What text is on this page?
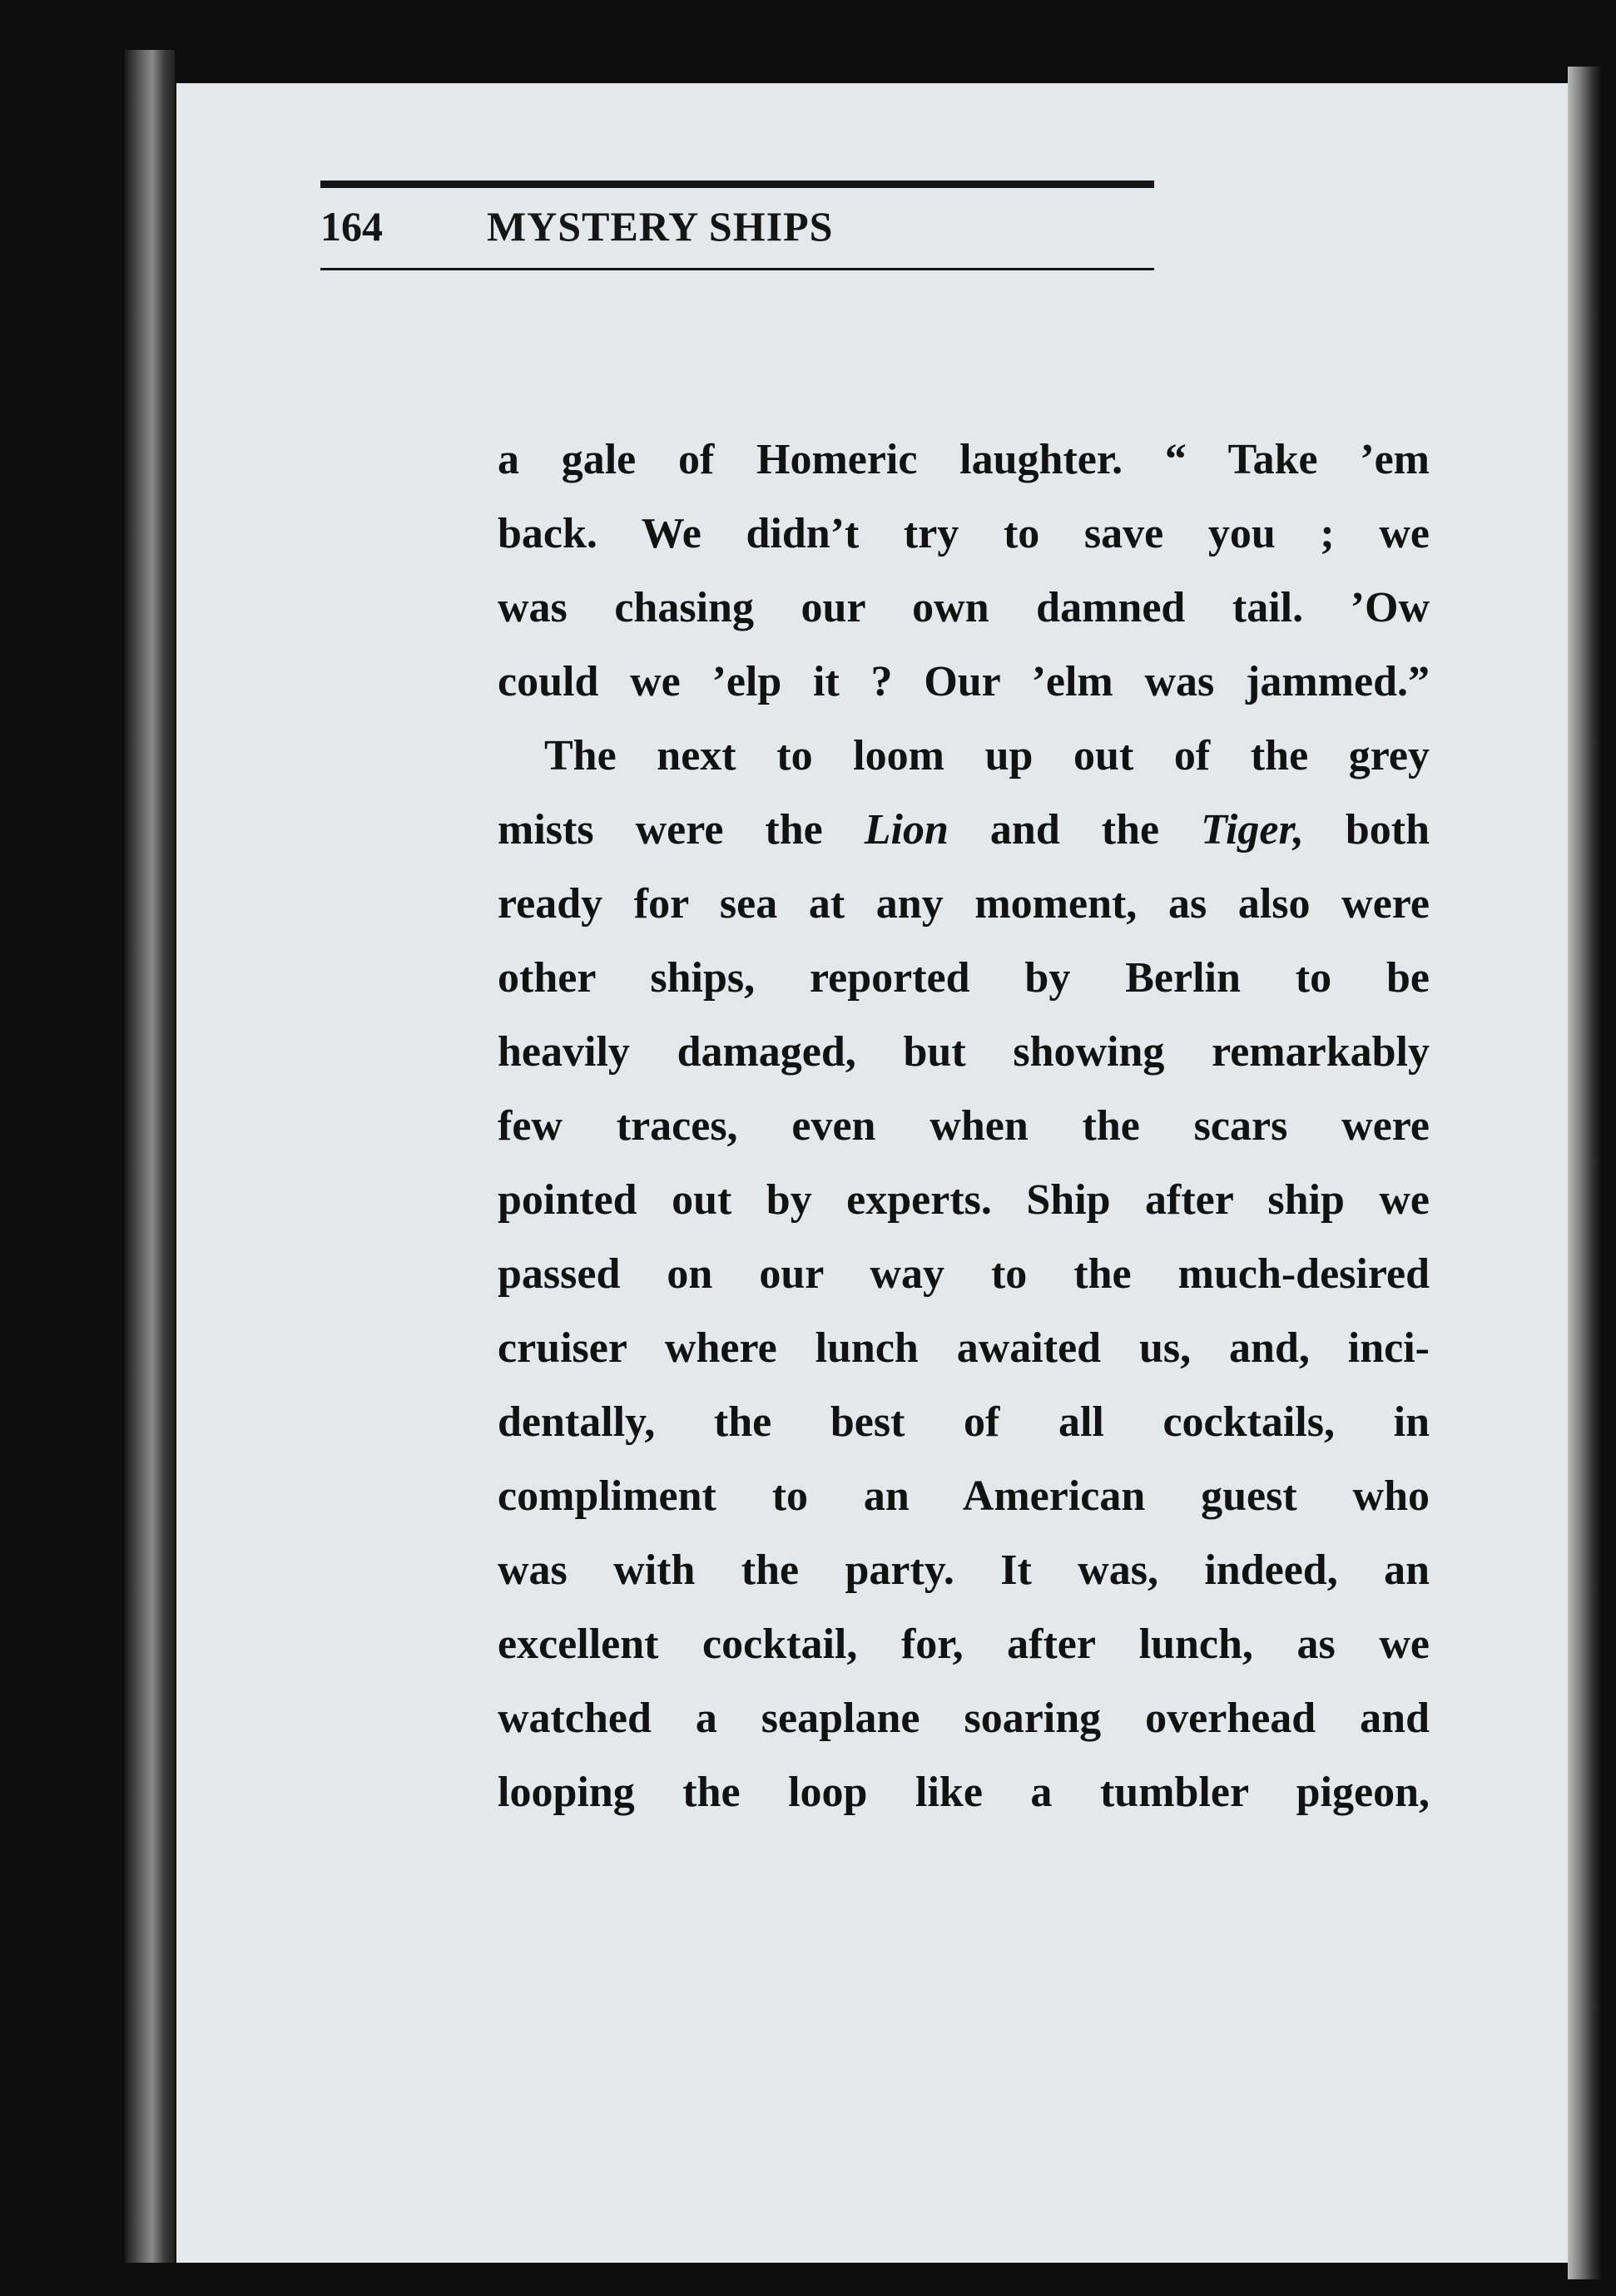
164	MYSTERY SHIPS
a gale of Homeric laughter. “ Take ’em
back. We didn’t try to save you ; we
was chasing our own damned tail. ’Ow
could we ’elp it ? Our ’elm was jammed.”
The next to loom up out of the grey
mists were the Lion and the Tiger, both
ready for sea at any moment, as also were
other ships, reported by Berlin to be
heavily damaged, but showing remarkably
few traces, even when the scars were
pointed out by experts. Ship after ship we
passed on our way to the much-desired
cruiser where lunch awaited us, and, inci-
dentally, the best of all cocktails, in
compliment to an American guest who
was with the party. It was, indeed, an
excellent cocktail, for, after lunch, as we
watched a seaplane soaring overhead and
looping the loop like a tumbler pigeon,
